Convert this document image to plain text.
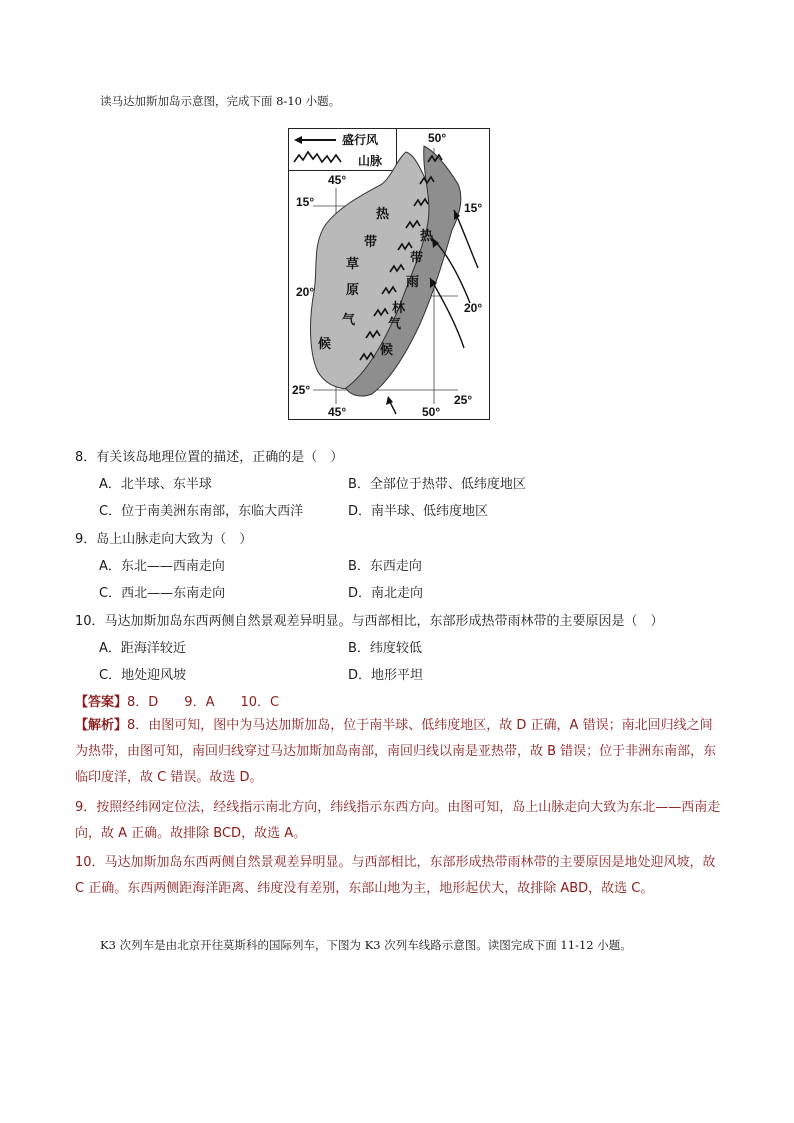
读马达加斯加岛示意图，完成下面 8-10 小题。
盛行风
山脉
50°
45°
15°	15°
20°
20°
25°
25°
45°	50°
热
带
草
原
气
候
热
带
雨
林
气
候
8．有关该岛地理位置的描述，正确的是（　）
A．北半球、东半球	B．全部位于热带、低纬度地区
C．位于南美洲东南部，东临大西洋	D．南半球、低纬度地区
9．岛上山脉走向大致为（　）
A．东北——西南走向	B．东西走向
C．西北——东南走向	D．南北走向
10．马达加斯加岛东西两侧自然景观差异明显。与西部相比，东部形成热带雨林带的主要原因是（　）
A．距海洋较近	B．纬度较低
C．地处迎风坡	D．地形平坦
【答案】8．D　　9．A　　10．C
【解析】8．由图可知，图中为马达加斯加岛，位于南半球、低纬度地区，故 D 正确，A 错误；南北回归线之间为热带，由图可知，南回归线穿过马达加斯加岛南部，南回归线以南是亚热带，故 B 错误；位于非洲东南部，东临印度洋，故 C 错误。故选 D。
9．按照经纬网定位法，经线指示南北方向，纬线指示东西方向。由图可知，岛上山脉走向大致为东北——西南走向，故 A 正确。故排除 BCD，故选 A。
10．马达加斯加岛东西两侧自然景观差异明显。与西部相比，东部形成热带雨林带的主要原因是地处迎风坡，故 C 正确。东西两侧距海洋距离、纬度没有差别，东部山地为主，地形起伏大，故排除 ABD，故选 C。
K3 次列车是由北京开往莫斯科的国际列车，下图为 K3 次列车线路示意图。读图完成下面 11-12 小题。
